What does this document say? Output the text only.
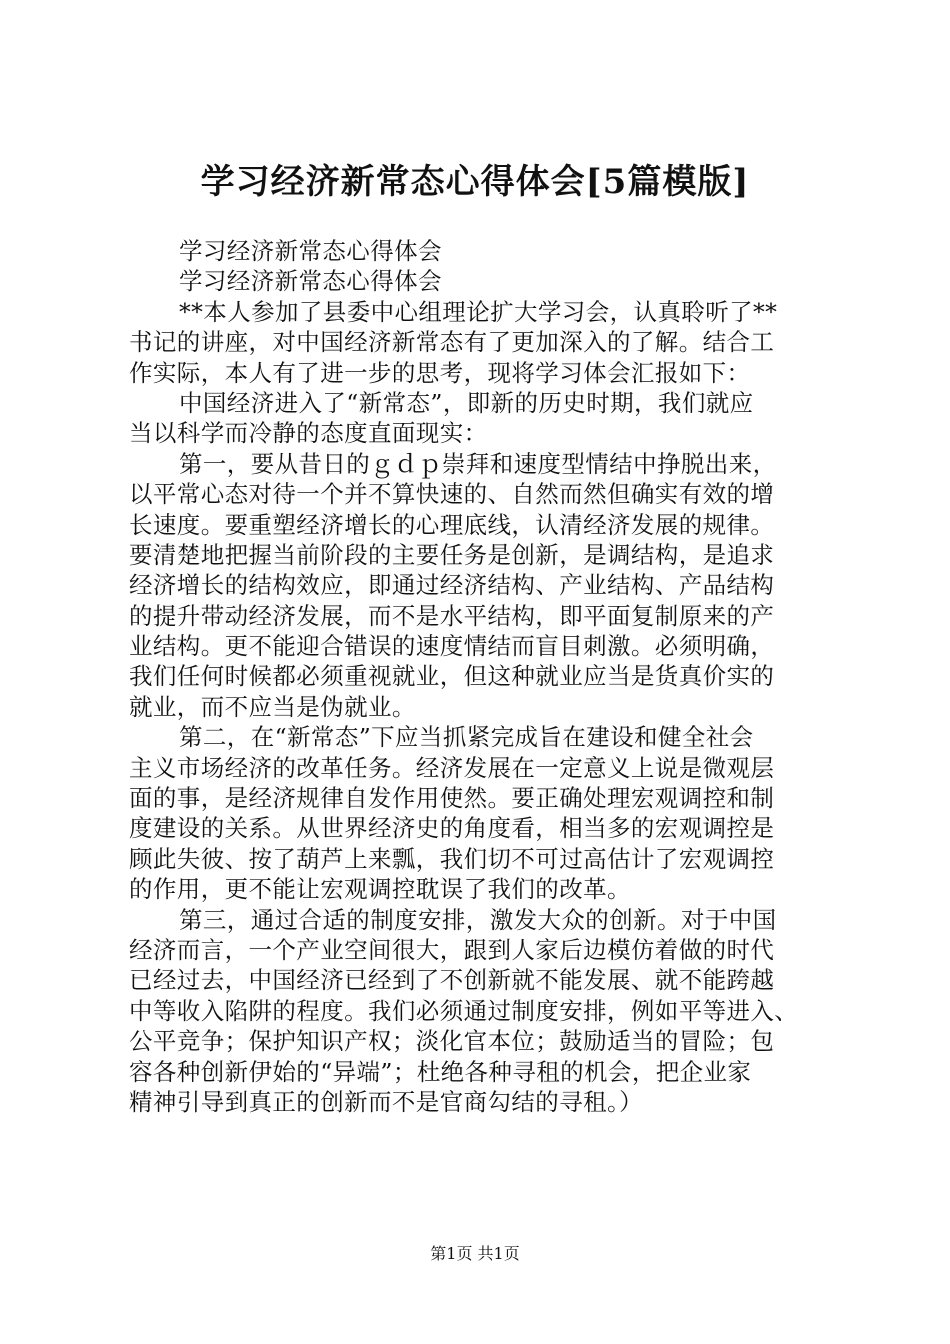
学习经济新常态心得体会[5篇模版]
学习经济新常态心得体会
学习经济新常态心得体会
**本人参加了县委中心组理论扩大学习会，认真聆听了**
书记的讲座，对中国经济新常态有了更加深入的了解。结合工
作实际，本人有了进一步的思考，现将学习体会汇报如下：
中国经济进入了“新常态”，即新的历史时期，我们就应
当以科学而冷静的态度直面现实：
第一，要从昔日的ｇｄｐ崇拜和速度型情结中挣脱出来，
以平常心态对待一个并不算快速的、自然而然但确实有效的增
长速度。要重塑经济增长的心理底线，认清经济发展的规律。
要清楚地把握当前阶段的主要任务是创新，是调结构，是追求
经济增长的结构效应，即通过经济结构、产业结构、产品结构
的提升带动经济发展，而不是水平结构，即平面复制原来的产
业结构。更不能迎合错误的速度情结而盲目刺激。必须明确，
我们任何时候都必须重视就业，但这种就业应当是货真价实的
就业，而不应当是伪就业。
第二，在“新常态”下应当抓紧完成旨在建设和健全社会
主义市场经济的改革任务。经济发展在一定意义上说是微观层
面的事，是经济规律自发作用使然。要正确处理宏观调控和制
度建设的关系。从世界经济史的角度看，相当多的宏观调控是
顾此失彼、按了葫芦上来瓢，我们切不可过高估计了宏观调控
的作用，更不能让宏观调控耽误了我们的改革。
第三，通过合适的制度安排，激发大众的创新。对于中国
经济而言，一个产业空间很大，跟到人家后边模仿着做的时代
已经过去，中国经济已经到了不创新就不能发展、就不能跨越
中等收入陷阱的程度。我们必须通过制度安排，例如平等进入、
公平竞争；保护知识产权；淡化官本位；鼓励适当的冒险；包
容各种创新伊始的“异端”；杜绝各种寻租的机会，把企业家
精神引导到真正的创新而不是官商勾结的寻租。）
第1页 共1页
